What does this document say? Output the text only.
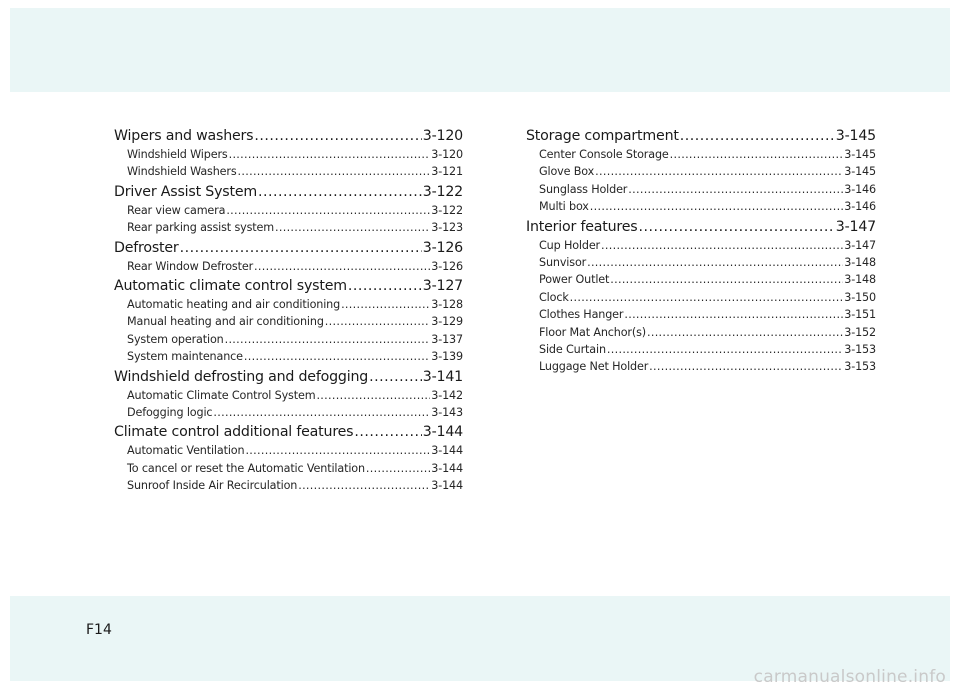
Wipers and washers .....	3-120
Windshield Wipers .....	3-120
Windshield Washers .....	3-121
Driver Assist System .....	3-122
Rear view camera .....	3-122
Rear parking assist system .....	3-123
Defroster .....	3-126
Rear Window Defroster .....	3-126
Automatic climate control system .....	3-127
Automatic heating and air conditioning .....	3-128
Manual heating and air conditioning .....	3-129
System operation .....	3-137
System maintenance .....	3-139
Windshield defrosting and defogging .....	3-141
Automatic Climate Control System .....	3-142
Defogging logic .....	3-143
Climate control additional features .....	3-144
Automatic Ventilation .....	3-144
To cancel or reset the Automatic Ventilation .....	3-144
Sunroof Inside Air Recirculation .....	3-144
Storage compartment .....	3-145
Center Console Storage .....	3-145
Glove Box .....	3-145
Sunglass Holder .....	3-146
Multi box .....	3-146
Interior features .....	3-147
Cup Holder .....	3-147
Sunvisor .....	3-148
Power Outlet .....	3-148
Clock .....	3-150
Clothes Hanger .....	3-151
Floor Mat Anchor(s) .....	3-152
Side Curtain .....	3-153
Luggage Net Holder .....	3-153
F14
carmanualsonline.info
